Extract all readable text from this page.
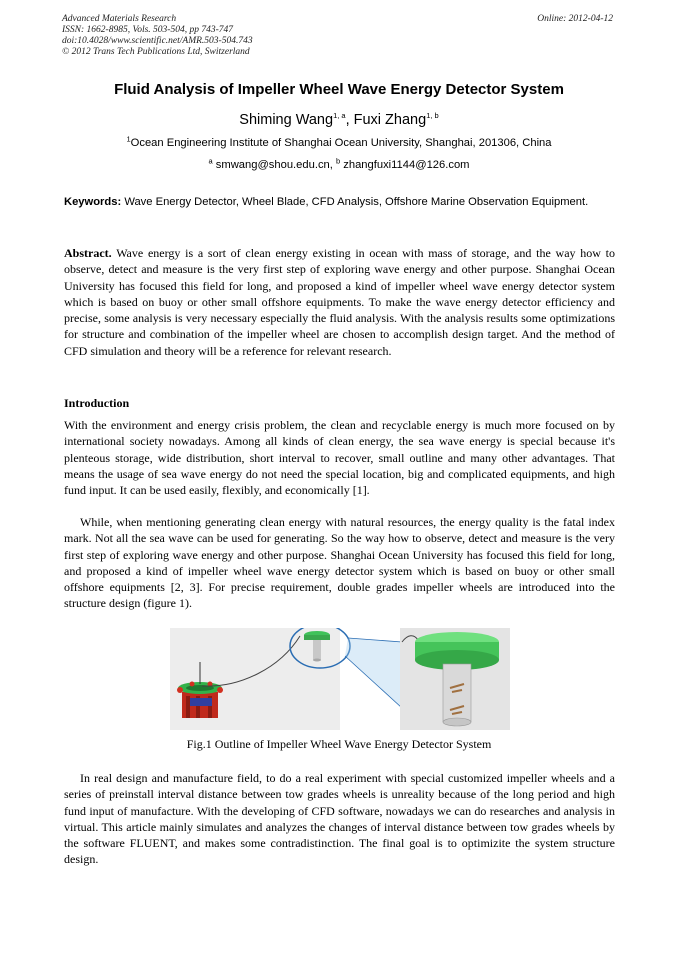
Advanced Materials Research
ISSN: 1662-8985, Vols. 503-504, pp 743-747
doi:10.4028/www.scientific.net/AMR.503-504.743
© 2012 Trans Tech Publications Ltd, Switzerland
Online: 2012-04-12
Fluid Analysis of Impeller Wheel Wave Energy Detector System
Shiming Wang$^{1, a}$, Fuxi Zhang$^{1, b}$
$^1$Ocean Engineering Institute of Shanghai Ocean University, Shanghai, 201306, China
$^a$ smwang@shou.edu.cn, $^b$ zhangfuxi1144@126.com
Keywords: Wave Energy Detector, Wheel Blade, CFD Analysis, Offshore Marine Observation Equipment.
Abstract. Wave energy is a sort of clean energy existing in ocean with mass of storage, and the way how to observe, detect and measure is the very first step of exploring wave energy and other purpose. Shanghai Ocean University has focused this field for long, and proposed a kind of impeller wheel wave energy detector system which is based on buoy or other small offshore equipments. To make the wave energy detector efficiency and precise, some analysis is very necessary especially the fluid analysis. With the analysis results some optimizations for structure and combination of the impeller wheel are chosen to accomplish design target. And the method of CFD simulation and theory will be a reference for relevant research.
Introduction
With the environment and energy crisis problem, the clean and recyclable energy is much more focused on by international society nowadays. Among all kinds of clean energy, the sea wave energy is special because it's plenteous storage, wide distribution, short interval to recover, small outline and many other advantages. That means the usage of sea wave energy do not need the special location, big and complicated equipments, and high fund input. It can be used easily, flexibly, and economically [1].
While, when mentioning generating clean energy with natural resources, the energy quality is the fatal index mark. Not all the sea wave can be used for generating. So the way how to observe, detect and measure is the very first step of exploring wave energy and other purpose. Shanghai Ocean University has focused this field for long, and proposed a kind of impeller wheel wave energy detector system which is based on buoy or other small offshore equipments [2, 3]. For precise requirement, double grades impeller wheels are introduced into the structure design (figure 1).
Fig.1 Outline of Impeller Wheel Wave Energy Detector System
In real design and manufacture field, to do a real experiment with special customized impeller wheels and a series of preinstall interval distance between tow grades wheels is unreality because of the long period and high fund input of manufacture. With the developing of CFD software, nowadays we can do researches and analysis in virtual. This article mainly simulates and analyzes the changes of interval distance between tow grades wheels by the software FLUENT, and makes some contradistinction. The final goal is to optimizite the system structure design.
